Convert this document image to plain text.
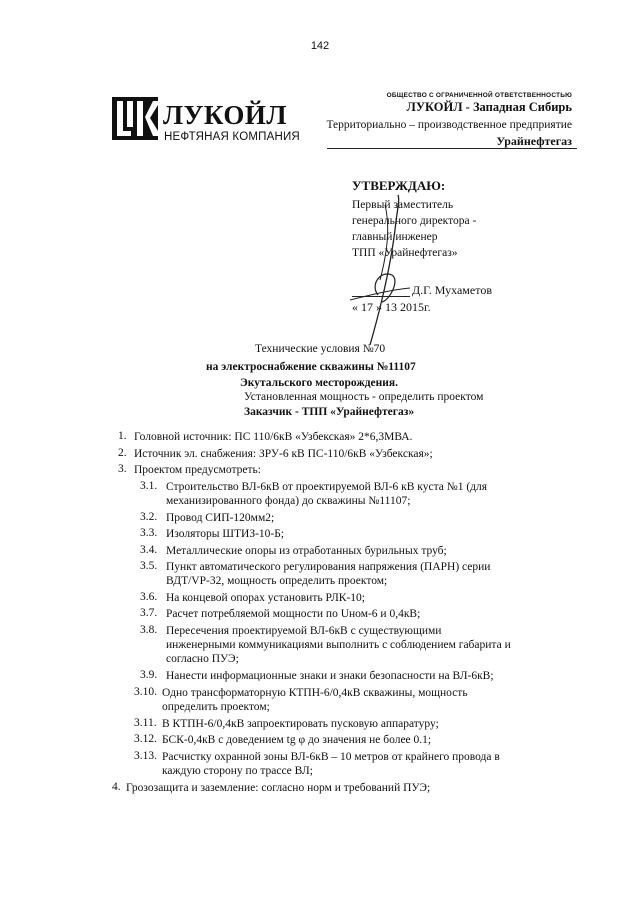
142
ЛУКОЙЛ
НЕФТЯНАЯ КОМПАНИЯ
ОБЩЕСТВО С ОГРАНИЧЕННОЙ ОТВЕТСТВЕННОСТЬЮ
ЛУКОЙЛ - Западная Сибирь
Территориально – производственное предприятие
Урайнефтегаз
УТВЕРЖДАЮ:
Первый заместитель
генерального директора -
главный инженер
ТПП «Урайнефтегаз»
Д.Г. Мухаметов
« 17 » 13 2015г.
Технические условия №70
на электроснабжение скважины №11107
Экутальского месторождения.
Установленная мощность - определить проектом
Заказчик - ТПП «Урайнефтегаз»
1. Головной источник: ПС 110/6кВ «Узбекская» 2*6,3МВА.
2. Источник эл. снабжения: ЗРУ-6 кВ ПС-110/6кВ «Узбекская»;
3. Проектом предусмотреть:
3.1. Строительство ВЛ-6кВ от проектируемой ВЛ-6 кВ куста №1 (для
механизированного фонда) до скважины №11107;
3.2. Провод СИП-120мм2;
3.3. Изоляторы ШТИЗ-10-Б;
3.4. Металлические опоры из отработанных бурильных труб;
3.5. Пункт автоматического регулирования напряжения (ПАРН) серии
ВДТ/VР-32, мощность определить проектом;
3.6. На концевой опорах установить РЛК-10;
3.7. Расчет потребляемой мощности по Uном-6 и 0,4кВ;
3.8. Пересечения проектируемой ВЛ-6кВ с существующими
инженерными коммуникациями выполнить с соблюдением габарита и
согласно ПУЭ;
3.9. Нанести информационные знаки и знаки безопасности на ВЛ-6кВ;
3.10. Одно трансформаторную КТПН-6/0,4кВ скважины, мощность
определить проектом;
3.11. В КТПН-6/0,4кВ запроектировать пусковую аппаратуру;
3.12. БСК-0,4кВ с доведением tg φ до значения не более 0.1;
3.13. Расчистку охранной зоны ВЛ-6кВ – 10 метров от крайнего провода в
каждую сторону по трассе ВЛ;
4. Грозозащита и заземление: согласно норм и требований ПУЭ;
